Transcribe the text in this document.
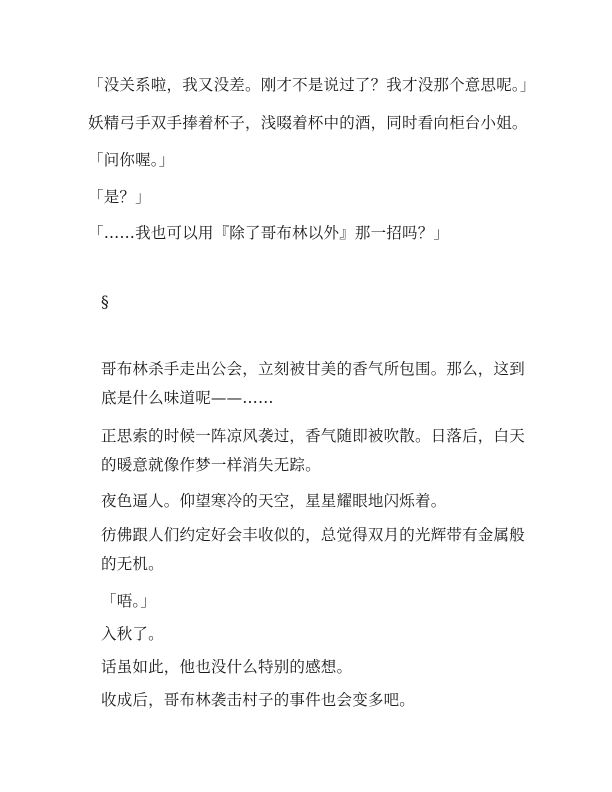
「没关系啦，我又没差。刚才不是说过了？我才没那个意思呢。」
妖精弓手双手捧着杯子，浅啜着杯中的酒，同时看向柜台小姐。
「问你喔。」
「是？」
「……我也可以用『除了哥布林以外』那一招吗？」
§
哥布林杀手走出公会，立刻被甘美的香气所包围。那么，这到底是什么味道呢——……
正思索的时候一阵凉风袭过，香气随即被吹散。日落后，白天的暖意就像作梦一样消失无踪。
夜色逼人。仰望寒冷的天空，星星耀眼地闪烁着。
彷佛跟人们约定好会丰收似的，总觉得双月的光辉带有金属般的无机。
「唔。」
入秋了。
话虽如此，他也没什么特别的感想。
收成后，哥布林袭击村子的事件也会变多吧。
